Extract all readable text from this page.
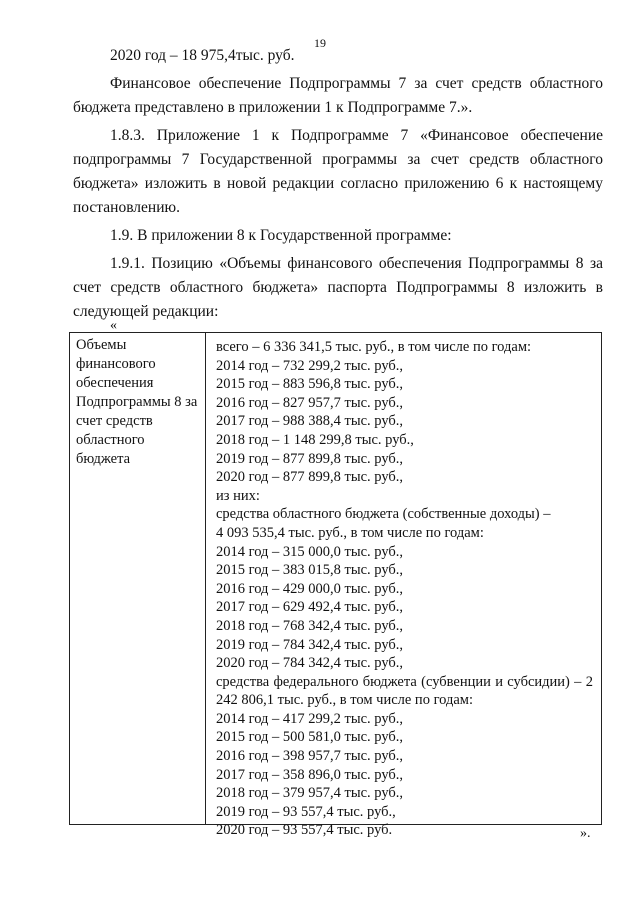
19

2020 год – 18 975,4тыс. руб.

Финансовое обеспечение Подпрограммы 7 за счет средств областного бюджета представлено в приложении 1 к Подпрограмме 7.».

1.8.3. Приложение 1 к Подпрограмме 7 «Финансовое обеспечение подпрограммы 7 Государственной программы за счет средств областного бюджета» изложить в новой редакции согласно приложению 6 к настоящему постановлению.

1.9. В приложении 8 к Государственной программе:

1.9.1. Позицию «Объемы финансового обеспечения Подпрограммы 8 за счет средств областного бюджета» паспорта Подпрограммы 8 изложить в следующей редакции:

«
Объемы финансового обеспечения Подпрограммы 8 за счет средств областного бюджета

всего – 6 336 341,5 тыс. руб., в том числе по годам:

2014 год – 732 299,2 тыс. руб.,

2015 год – 883 596,8 тыс. руб.,

2016 год – 827 957,7 тыс. руб.,

2017 год – 988 388,4 тыс. руб.,

2018 год – 1 148 299,8 тыс. руб.,

2019 год – 877 899,8 тыс. руб.,

2020 год – 877 899,8 тыс. руб.,

из них:

средства областного бюджета (собственные доходы) –

4 093 535,4 тыс. руб., в том числе по годам:

2014 год – 315 000,0 тыс. руб.,

2015 год – 383 015,8 тыс. руб.,

2016 год – 429 000,0 тыс. руб.,

2017 год – 629 492,4 тыс. руб.,

2018 год – 768 342,4 тыс. руб.,

2019 год – 784 342,4 тыс. руб.,

2020 год – 784 342,4 тыс. руб.,

средства федерального бюджета (субвенции и субсидии) – 2 242 806,1 тыс. руб., в том числе по годам:

2014 год – 417 299,2 тыс. руб.,

2015 год – 500 581,0 тыс. руб.,

2016 год – 398 957,7 тыс. руб.,

2017 год – 358 896,0 тыс. руб.,

2018 год – 379 957,4 тыс. руб.,

2019 год – 93 557,4 тыс. руб.,

2020 год – 93 557,4 тыс. руб.	».
